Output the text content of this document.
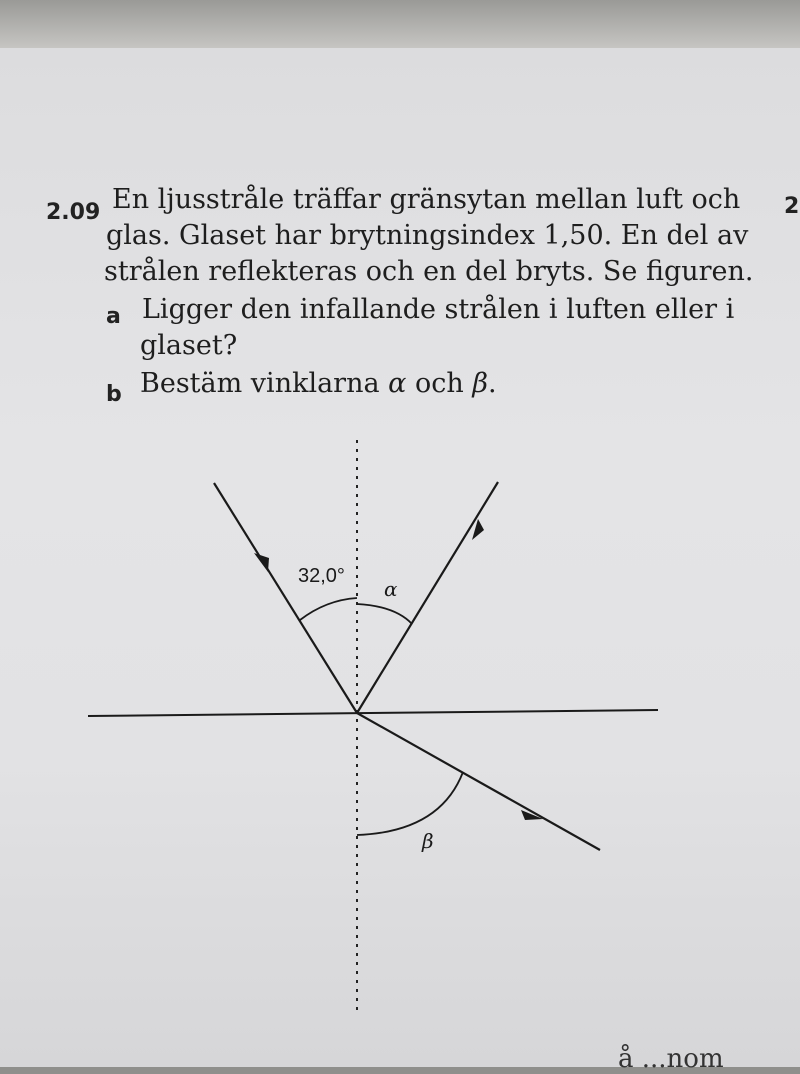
2.09	2
En ljusstråle träffar gränsytan mellan luft och
glas. Glaset har brytningsindex 1,50. En del av
strålen reflekteras och en del bryts. Se figuren.
a Ligger den infallande strålen i luften eller i
glaset?
b Bestäm vinklarna α och β.
32,0°
α
β
å ...nom
